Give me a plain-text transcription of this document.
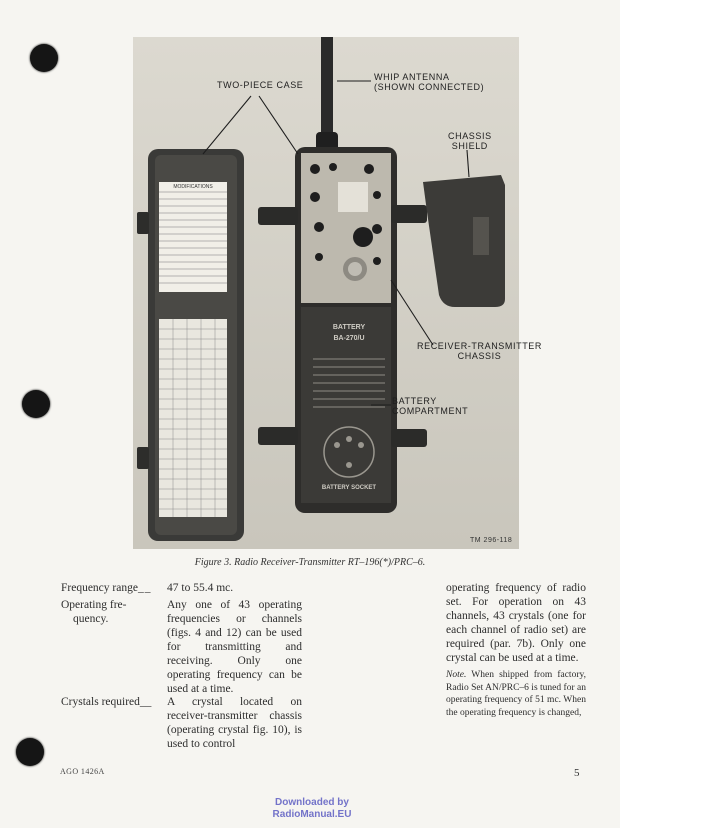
MODIFICATIONS
BATTERY
BA-270/U
BATTERY SOCKET
TWO-PIECE CASE
WHIP ANTENNA
(SHOWN CONNECTED)
CHASSIS
SHIELD
RECEIVER-TRANSMITTER
CHASSIS
BATTERY
COMPARTMENT
TM 296-118
Figure 3. Radio Receiver-Transmitter RT–196(*)/PRC–6.
Frequency range__	47 to 55.4 mc.
Operating fre-
quency.
Any one of 43 operating frequencies or channels (figs. 4 and 12) can be used for transmitting and receiving. Only one operating frequency can be used at a time.
Crystals required__	A crystal located on receiver-transmitter chassis (operating crystal fig. 10), is used to control
operating frequency of radio set. For operation on 43 channels, 43 crystals (one for each channel of radio set) are required (par. 7b). Only one crystal can be used at a time.
Note. When shipped from factory, Radio Set AN/PRC–6 is tuned for an operating frequency of 51 mc. When the operating frequency is changed,
AGO 1426A	5
Downloaded by
RadioManual.EU
